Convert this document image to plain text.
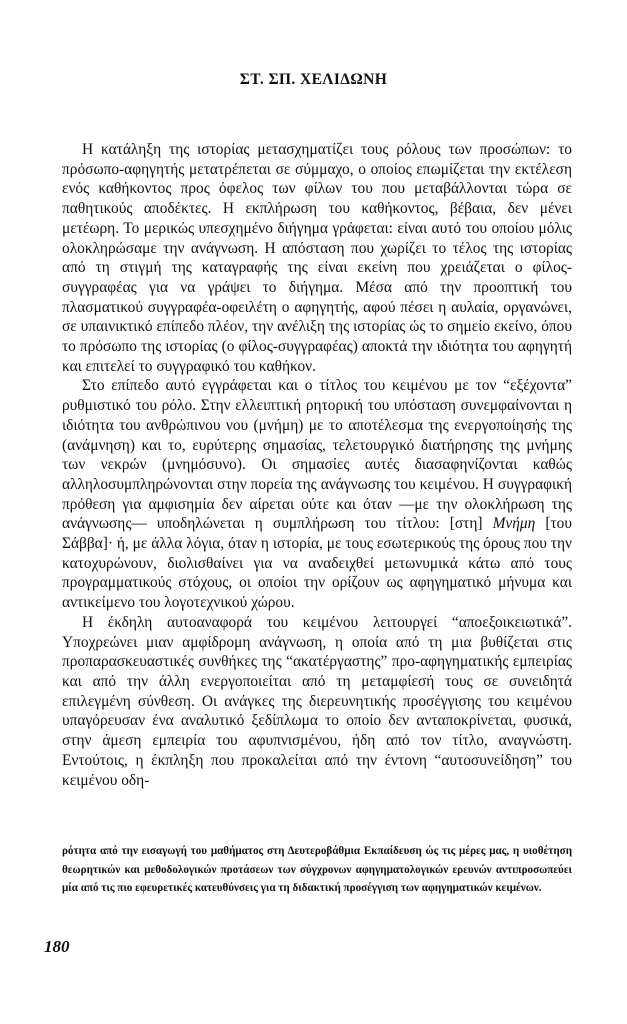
ΣΤ. ΣΠ. ΧΕΛΙΔΩΝΗ

Η κατάληξη της ιστορίας μετασχηματίζει τους ρόλους των προσώπων: το πρόσωπο-αφηγητής μετατρέπεται σε σύμμαχο, ο οποίος επωμίζεται την εκτέλεση ενός καθήκοντος προς όφελος των φίλων του που μεταβάλλονται τώρα σε παθητικούς αποδέκτες. Η εκπλήρωση του καθήκοντος, βέβαια, δεν μένει μετέωρη. Το μερικώς υπεσχημένο διήγημα γράφεται: είναι αυτό του οποίου μόλις ολοκληρώσαμε την ανάγνωση. Η απόσταση που χωρίζει το τέλος της ιστορίας από τη στιγμή της καταγραφής της είναι εκείνη που χρειάζεται ο φίλος-συγγραφέας για να γράψει το διήγημα. Μέσα από την προοπτική του πλασματικού συγγραφέα-οφειλέτη ο αφηγητής, αφού πέσει η αυλαία, οργανώνει, σε υπαινικτικό επίπεδο πλέον, την ανέλιξη της ιστορίας ώς το σημείο εκείνο, όπου το πρόσωπο της ιστορίας (ο φίλος-συγγραφέας) αποκτά την ιδιότητα του αφηγητή και επιτελεί το συγγραφικό του καθήκον.

Στο επίπεδο αυτό εγγράφεται και ο τίτλος του κειμένου με τον “εξέχοντα” ρυθμιστικό του ρόλο. Στην ελλειπτική ρητορική του υπόσταση συνεμφαίνονται η ιδιότητα του ανθρώπινου νου (μνήμη) με το αποτέλεσμα της ενεργοποίησής της (ανάμνηση) και το, ευρύτερης σημασίας, τελετουργικό διατήρησης της μνήμης των νεκρών (μνημόσυνο). Οι σημασίες αυτές διασαφηνίζονται καθώς αλληλοσυμπληρώνονται στην πορεία της ανάγνωσης του κειμένου. Η συγγραφική πρόθεση για αμφισημία δεν αίρεται ούτε και όταν —με την ολοκλήρωση της ανάγνωσης— υποδηλώνεται η συμπλήρωση του τίτλου: [στη] Μνήμη [του Σάββα]· ή, με άλλα λόγια, όταν η ιστορία, με τους εσωτερικούς της όρους που την κατοχυρώνουν, διολισθαίνει για να αναδειχθεί μετωνυμικά κάτω από τους προγραμματικούς στόχους, οι οποίοι την ορίζουν ως αφηγηματικό μήνυμα και αντικείμενο του λογοτεχνικού χώρου.

Η έκδηλη αυτοαναφορά του κειμένου λειτουργεί “αποεξοικειωτικά”. Υποχρεώνει μιαν αμφίδρομη ανάγνωση, η οποία από τη μια βυθίζεται στις προπαρασκευαστικές συνθήκες της “ακατέργαστης” προ-αφηγηματικής εμπειρίας και από την άλλη ενεργοποιείται από τη μεταμφίεσή τους σε συνειδητά επιλεγμένη σύνθεση. Οι ανάγκες της διερευνητικής προσέγγισης του κειμένου υπαγόρευσαν ένα αναλυτικό ξεδίπλωμα το οποίο δεν ανταποκρίνεται, φυσικά, στην άμεση εμπειρία του αφυπνισμένου, ήδη από τον τίτλο, αναγνώστη. Εντούτοις, η έκπληξη που προκαλείται από την έντονη “αυτοσυνείδηση” του κειμένου οδη-

ρότητα από την εισαγωγή του μαθήματος στη Δευτεροβάθμια Εκπαίδευση ώς τις μέρες μας, η υιοθέτηση θεωρητικών και μεθοδολογικών προτάσεων των σύγχρονων αφηγηματολογικών ερευνών αντιπροσωπεύει μία από τις πιο εφευρετικές κατευθύνσεις για τη διδακτική προσέγγιση των αφηγηματικών κειμένων.

180
